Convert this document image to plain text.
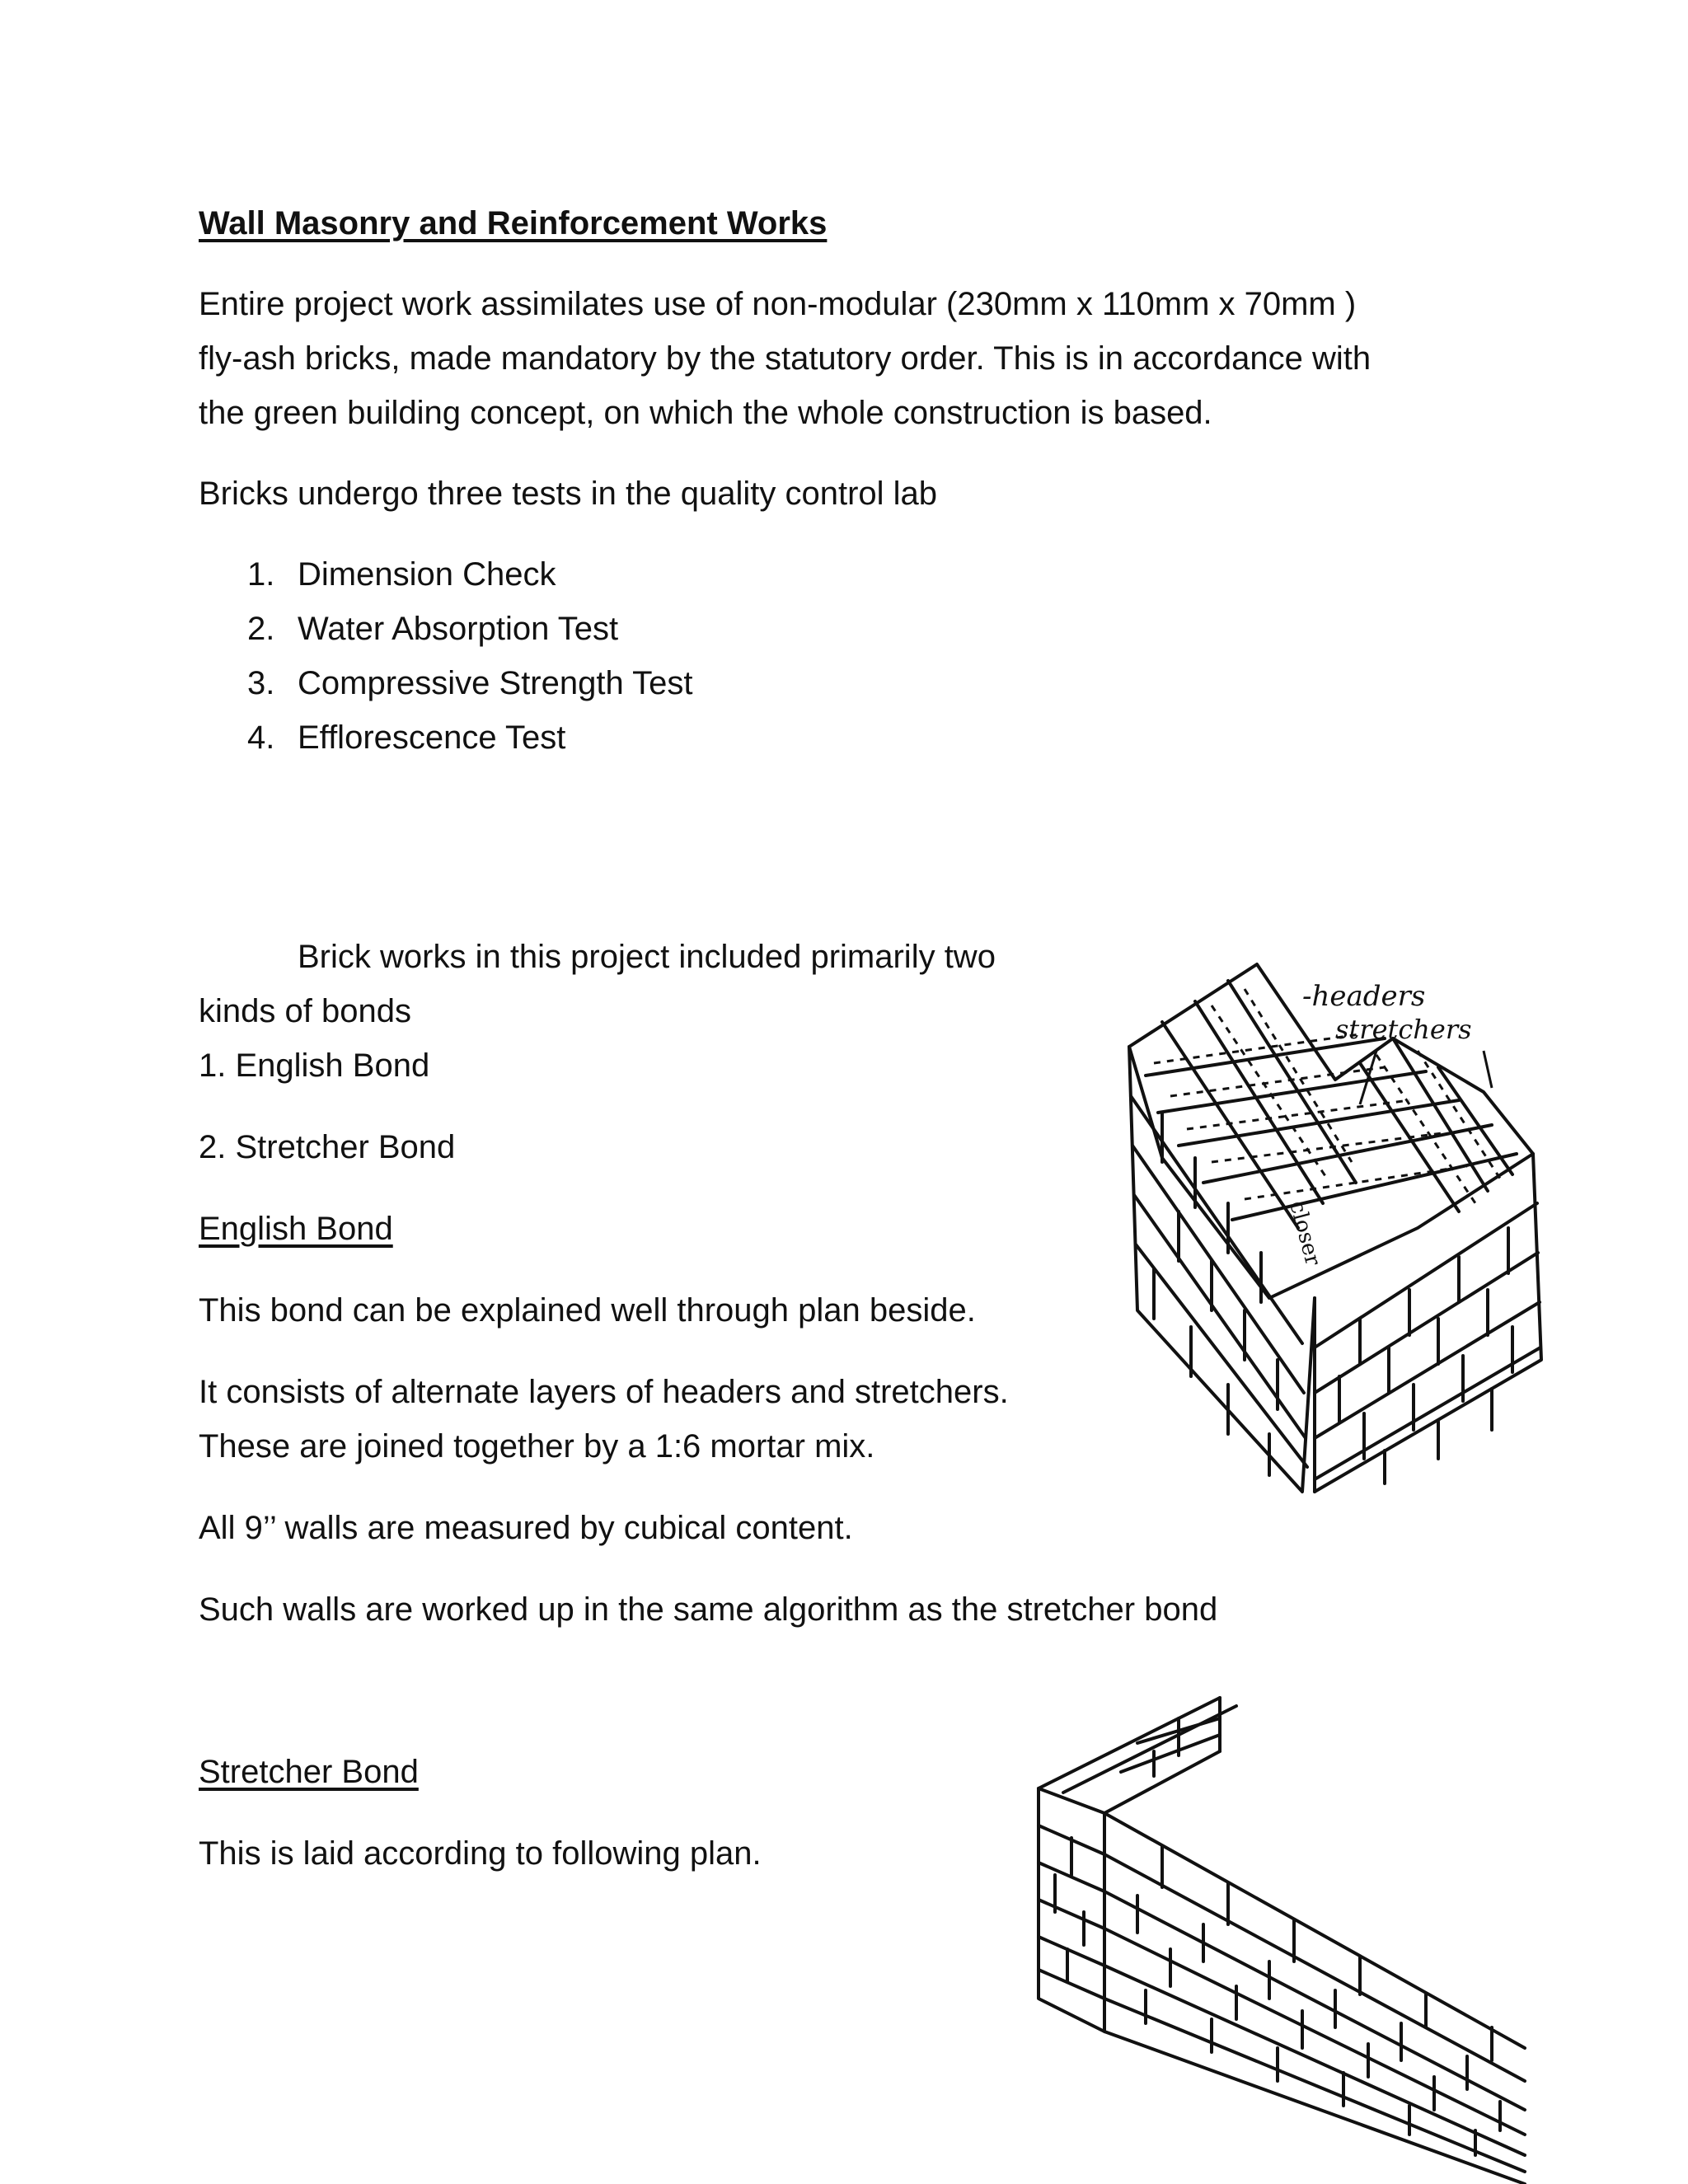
Wall Masonry and Reinforcement Works
Entire project work assimilates use of non-modular (230mm x 110mm x 70mm )
fly-ash bricks, made mandatory by the statutory order. This is in accordance with
the green building concept, on which the whole construction is based.
Bricks undergo three tests in the quality control lab
1. Dimension Check
2. Water Absorption Test
3. Compressive Strength Test
4. Efflorescence Test
Brick works in this project included primarily two
kinds of bonds
1. English Bond
2. Stretcher Bond
English Bond
This bond can be explained well through plan beside.
It consists of alternate layers of headers and stretchers.
These are joined together by a 1:6 mortar mix.
All 9’’ walls are measured by cubical content.
Such walls are worked up in the same algorithm as the stretcher bond
Stretcher Bond
This is laid according to following plan.
-headers
stretchers
closer
